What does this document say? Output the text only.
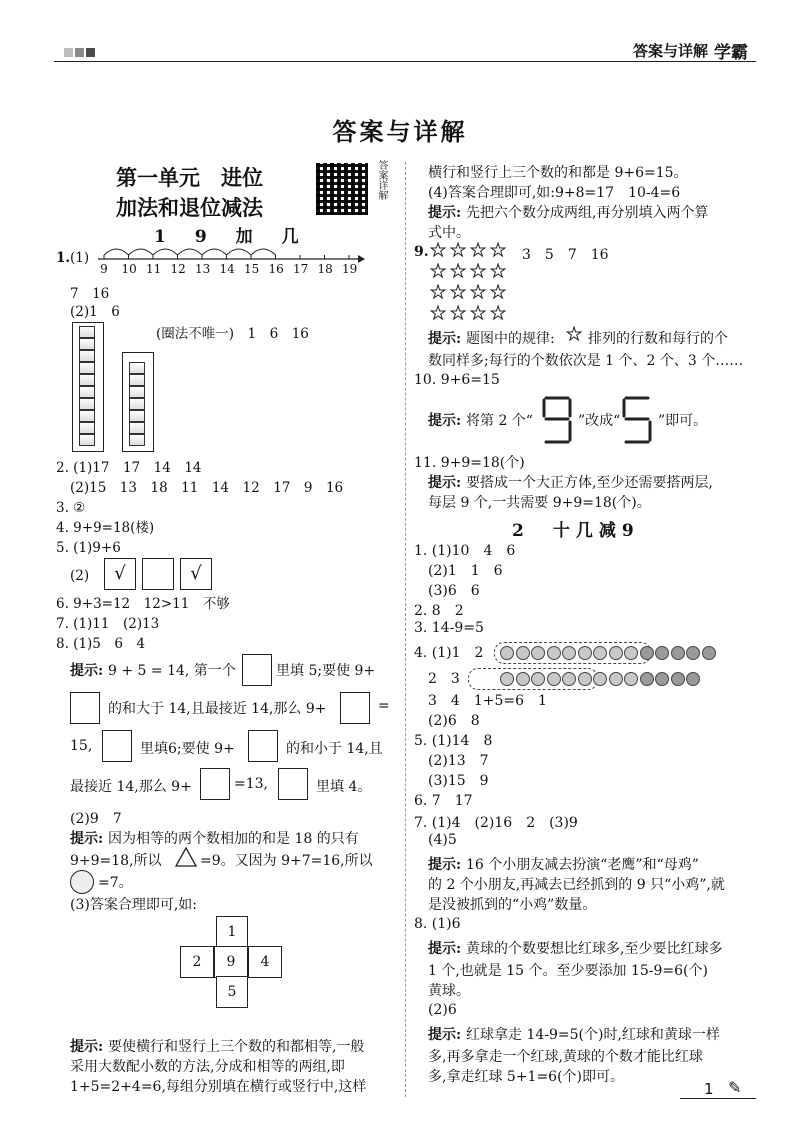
答案与详解 学霸
答案与详解
第一单元　进位
加法和退位减法
答案详解
1　9　加　几
1. (1)
9 10 11 12 13 14 15 16 17 18 19
7　16
(2)1　6
(圈法不唯一)　1　6　16
2. (1)17　17　14　14
(2)15　13　18　11　14　12　17　9　16
3. ②
4. 9+9=18(楼)
5. (1)9+6
(2)	√	√
6. 9+3=12　12>11　不够
7. (1)11　(2)13
8. (1)5　6　4
提示: 9 + 5 = 14, 第一个	里填 5;要使 9+
的和大于 14,且最接近 14,那么 9+	=
15,	里填6;要使 9+	的和小于 14,且
最接近 14,那么 9+	=13,	里填 4。
(2)9　7
提示: 因为相等的两个数相加的和是 18 的只有
9+9=18,所以	=9。又因为 9+7=16,所以
=7。
(3)答案合理即可,如:
1
2	9	4
5
提示: 要使横行和竖行上三个数的和都相等,一般
采用大数配小数的方法,分成和相等的两组,即
1+5=2+4=6,每组分别填在横行或竖行中,这样
横行和竖行上三个数的和都是 9+6=15。
(4)答案合理即可,如:9+8=17　10-4=6
提示: 先把六个数分成两组,再分别填入两个算
式中。
9. ★ ★ ★ ★
★ ★ ★ ★
★ ★ ★ ★
★ ★ ★ ★
3　5　7　16
提示: 题图中的规律: ★ 排列的行数和每行的个
数同样多;每行的个数依次是 1 个、2 个、3 个……
10. 9+6=15
提示: 将第 2 个“	”改成“	”即可。
11. 9+9=18(个)
提示: 要搭成一个大正方体,至少还需要搭两层,
每层 9 个,一共需要 9+9=18(个)。
2　十几减9
1. (1)10　4　6
(2)1　1　6
(3)6　6
2. 8　2
3. 14-9=5
4. (1)1　2
2　3
3　4　1+5=6　1
(2)6　8
5. (1)14　8
(2)13　7
(3)15　9
6. 7　17
7. (1)4　(2)16　2　(3)9
(4)5
提示: 16 个小朋友减去扮演“老鹰”和“母鸡”
的 2 个小朋友,再减去已经抓到的 9 只“小鸡”,就
是没被抓到的“小鸡”数量。
8. (1)6
提示: 黄球的个数要想比红球多,至少要比红球多
1 个,也就是 15 个。至少要添加 15-9=6(个)
黄球。
(2)6
提示: 红球拿走 14-9=5(个)时,红球和黄球一样
多,再多拿走一个红球,黄球的个数才能比红球
多,拿走红球 5+1=6(个)即可。
1 ✎
